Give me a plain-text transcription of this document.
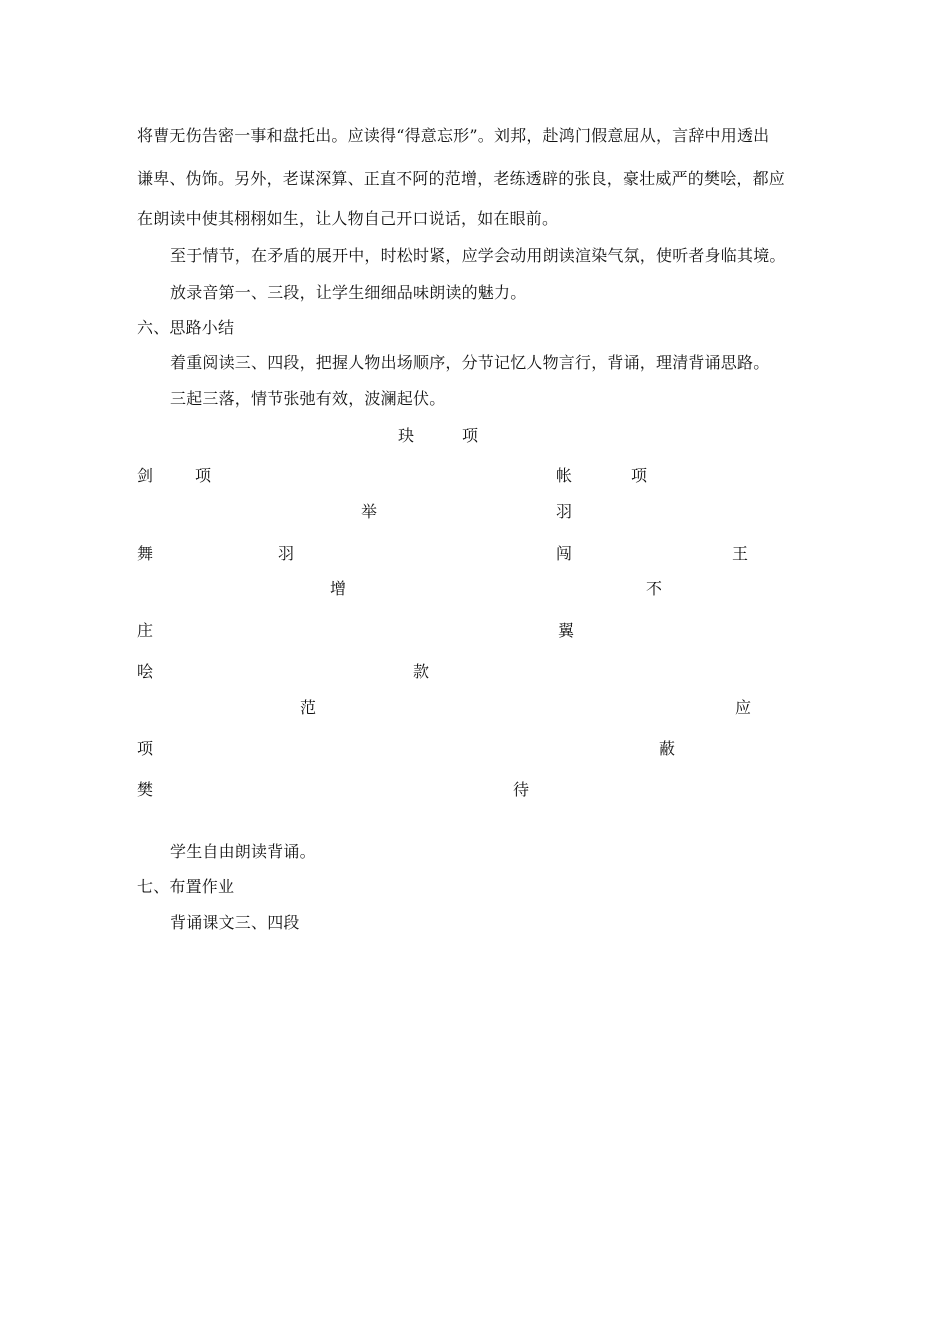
将曹无伤告密一事和盘托出。应读得“得意忘形”。刘邦，赴鸿门假意屈从，言辞中用透出
谦卑、伪饰。另外，老谋深算、正直不阿的范增，老练透辟的张良，豪壮威严的樊哙，都应
在朗读中使其栩栩如生，让人物自己开口说话，如在眼前。
至于情节，在矛盾的展开中，时松时紧，应学会动用朗读渲染气氛，使听者身临其境。
放录音第一、三段，让学生细细品味朗读的魅力。
六、思路小结
着重阅读三、四段，把握人物出场顺序，分节记忆人物言行，背诵，理清背诵思路。
三起三落，情节张弛有效，波澜起伏。
玦	项
剑	项	帐	项
举	羽
舞	羽	闯	王
增	不
庄	翼
哙	款
范	应
项	蔽
樊	待
学生自由朗读背诵。
七、布置作业
背诵课文三、四段
